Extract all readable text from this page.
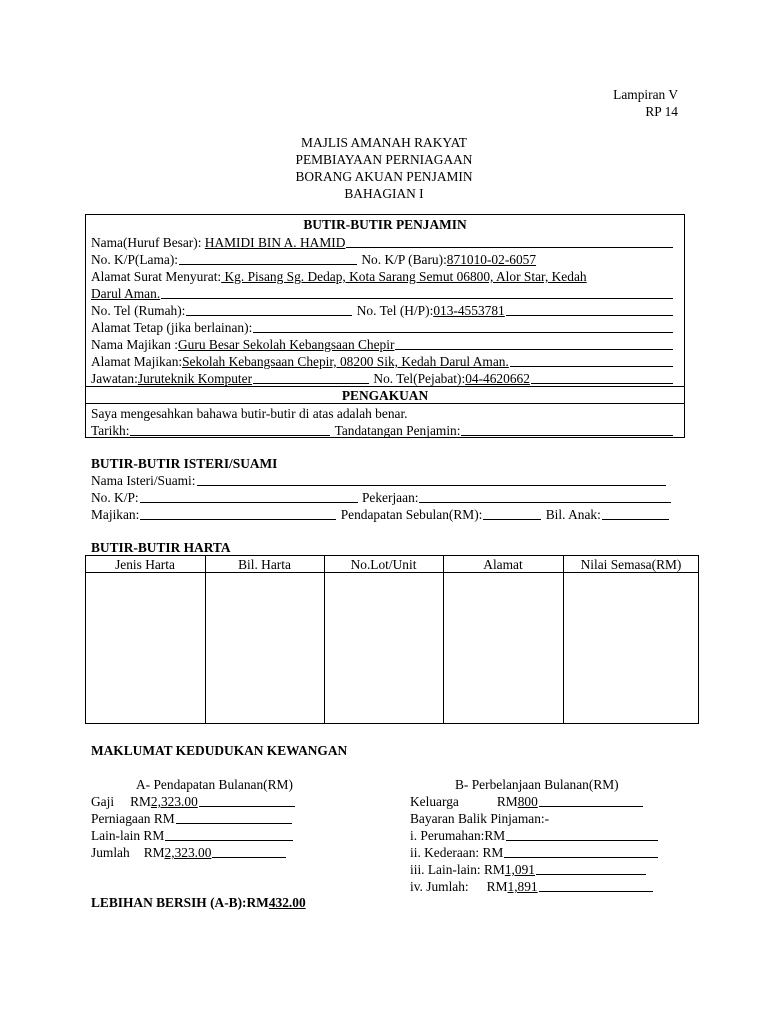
Lampiran V
RP 14
MAJLIS AMANAH RAKYAT
PEMBIAYAAN PERNIAGAAN
BORANG AKUAN PENJAMIN
BAHAGIAN I
BUTIR-BUTIR PENJAMIN
Nama(Huruf Besar): HAMIDI BIN A. HAMID
No. K/P(Lama):	No. K/P (Baru): 871010-02-6057
Alamat Surat Menyurat: Kg. Pisang Sg. Dedap, Kota Sarang Semut 06800, Alor Star, Kedah
Darul Aman.
No. Tel (Rumah):	No. Tel (H/P): 013-4553781
Alamat Tetap (jika berlainan):
Nama Majikan : Guru Besar Sekolah Kebangsaan Chepir
Alamat Majikan: Sekolah Kebangsaan Chepir, 08200 Sik, Kedah Darul Aman.
Jawatan: Juruteknik Komputer	No. Tel(Pejabat): 04-4620662
PENGAKUAN
Saya mengesahkan bahawa butir-butir di atas adalah benar.
Tarikh:	Tandatangan Penjamin:
BUTIR-BUTIR ISTERI/SUAMI
Nama Isteri/Suami:
No. K/P:	Pekerjaan:
Majikan:	Pendapatan Sebulan(RM):	Bil. Anak:
BUTIR-BUTIR HARTA
Jenis Harta	Bil. Harta	No.Lot/Unit	Alamat	Nilai Semasa(RM)
MAKLUMAT KEDUDUKAN KEWANGAN
A- Pendapatan Bulanan(RM)
Gaji RM 2,323.00
Perniagaan RM
Lain-lain RM
Jumlah RM 2,323.00
B- Perbelanjaan Bulanan(RM)
Keluarga	RM 800
Bayaran Balik Pinjaman:-
i. Perumahan:RM
ii. Kederaan: RM
iii. Lain-lain: RM 1,091
iv. Jumlah: RM 1,891
LEBIHAN BERSIH (A-B):RM 432.00
